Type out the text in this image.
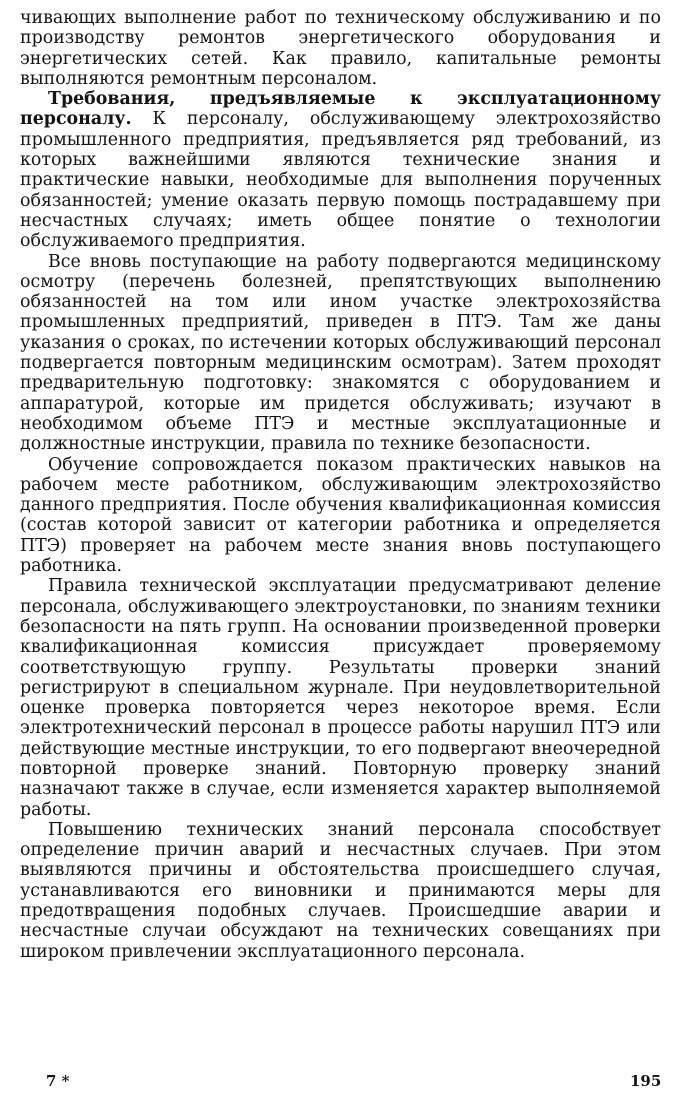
чивающих выполнение работ по техническому обслуживанию и по производству ремонтов энергетического оборудования и энергетических сетей. Как правило, капитальные ремонты выполняются ремонтным персоналом.

Требования, предъявляемые к эксплуатационному персоналу. К персоналу, обслуживающему электрохозяйство промышленного предприятия, предъявляется ряд требований, из которых важнейшими являются технические знания и практические навыки, необходимые для выполнения порученных обязанностей; умение оказать первую помощь пострадавшему при несчастных случаях; иметь общее понятие о технологии обслуживаемого предприятия.

Все вновь поступающие на работу подвергаются медицинскому осмотру (перечень болезней, препятствующих выполнению обязанностей на том или ином участке электрохозяйства промышленных предприятий, приведен в ПТЭ. Там же даны указания о сроках, по истечении которых обслуживающий персонал подвергается повторным медицинским осмотрам). Затем проходят предварительную подготовку: знакомятся с оборудованием и аппаратурой, которые им придется обслуживать; изучают в необходимом объеме ПТЭ и местные эксплуатационные и должностные инструкции, правила по технике безопасности.

Обучение сопровождается показом практических навыков на рабочем месте работником, обслуживающим электрохозяйство данного предприятия. После обучения квалификационная комиссия (состав которой зависит от категории работника и определяется ПТЭ) проверяет на рабочем месте знания вновь поступающего работника.

Правила технической эксплуатации предусматривают деление персонала, обслуживающего электроустановки, по знаниям техники безопасности на пять групп. На основании произведенной проверки квалификационная комиссия присуждает проверяемому соответствующую группу. Результаты проверки знаний регистрируют в специальном журнале. При неудовлетворительной оценке проверка повторяется через некоторое время. Если электротехнический персонал в процессе работы нарушил ПТЭ или действующие местные инструкции, то его подвергают внеочередной повторной проверке знаний. Повторную проверку знаний назначают также в случае, если изменяется характер выполняемой работы.

Повышению технических знаний персонала способствует определение причин аварий и несчастных случаев. При этом выявляются причины и обстоятельства происшедшего случая, устанавливаются его виновники и принимаются меры для предотвращения подобных случаев. Происшедшие аварии и несчастные случаи обсуждают на технических совещаниях при широком привлечении эксплуатационного персонала.

7 *	195
